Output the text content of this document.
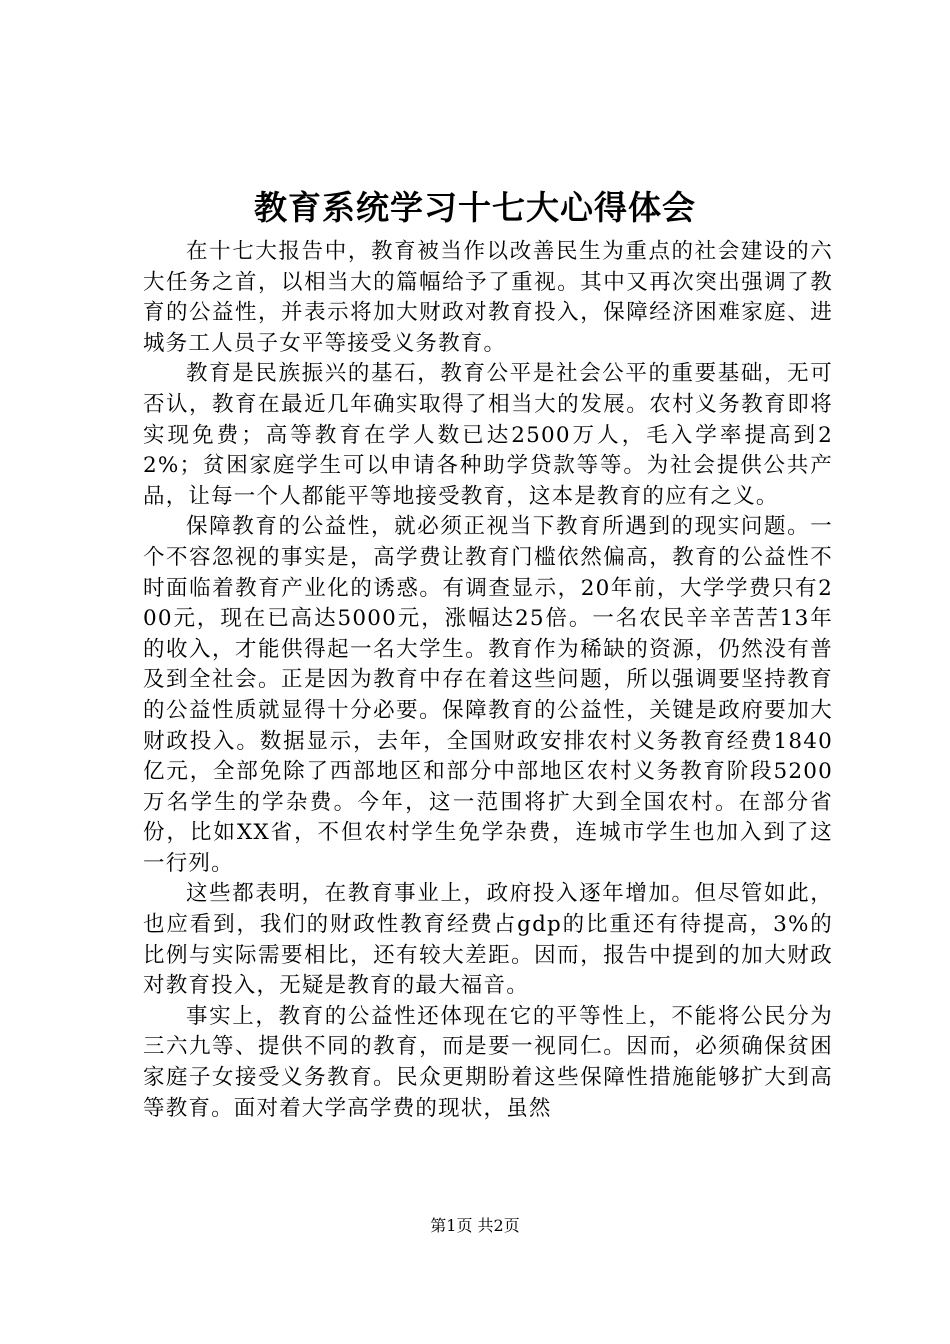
教育系统学习十七大心得体会

在十七大报告中，教育被当作以改善民生为重点的社会建设的六大任务之首，以相当大的篇幅给予了重视。其中又再次突出强调了教育的公益性，并表示将加大财政对教育投入，保障经济困难家庭、进城务工人员子女平等接受义务教育。

教育是民族振兴的基石，教育公平是社会公平的重要基础，无可否认，教育在最近几年确实取得了相当大的发展。农村义务教育即将实现免费；高等教育在学人数已达2500万人，毛入学率提高到22%；贫困家庭学生可以申请各种助学贷款等等。为社会提供公共产品，让每一个人都能平等地接受教育，这本是教育的应有之义。

保障教育的公益性，就必须正视当下教育所遇到的现实问题。一个不容忽视的事实是，高学费让教育门槛依然偏高，教育的公益性不时面临着教育产业化的诱惑。有调查显示，20年前，大学学费只有200元，现在已高达5000元，涨幅达25倍。一名农民辛辛苦苦13年的收入，才能供得起一名大学生。教育作为稀缺的资源，仍然没有普及到全社会。正是因为教育中存在着这些问题，所以强调要坚持教育的公益性质就显得十分必要。保障教育的公益性，关键是政府要加大财政投入。数据显示，去年，全国财政安排农村义务教育经费1840亿元，全部免除了西部地区和部分中部地区农村义务教育阶段5200万名学生的学杂费。今年，这一范围将扩大到全国农村。在部分省份，比如XX省，不但农村学生免学杂费，连城市学生也加入到了这一行列。

这些都表明，在教育事业上，政府投入逐年增加。但尽管如此，也应看到，我们的财政性教育经费占gdp的比重还有待提高，3%的比例与实际需要相比，还有较大差距。因而，报告中提到的加大财政对教育投入，无疑是教育的最大福音。

事实上，教育的公益性还体现在它的平等性上，不能将公民分为三六九等、提供不同的教育，而是要一视同仁。因而，必须确保贫困家庭子女接受义务教育。民众更期盼着这些保障性措施能够扩大到高等教育。面对着大学高学费的现状，虽然

第1页 共2页
